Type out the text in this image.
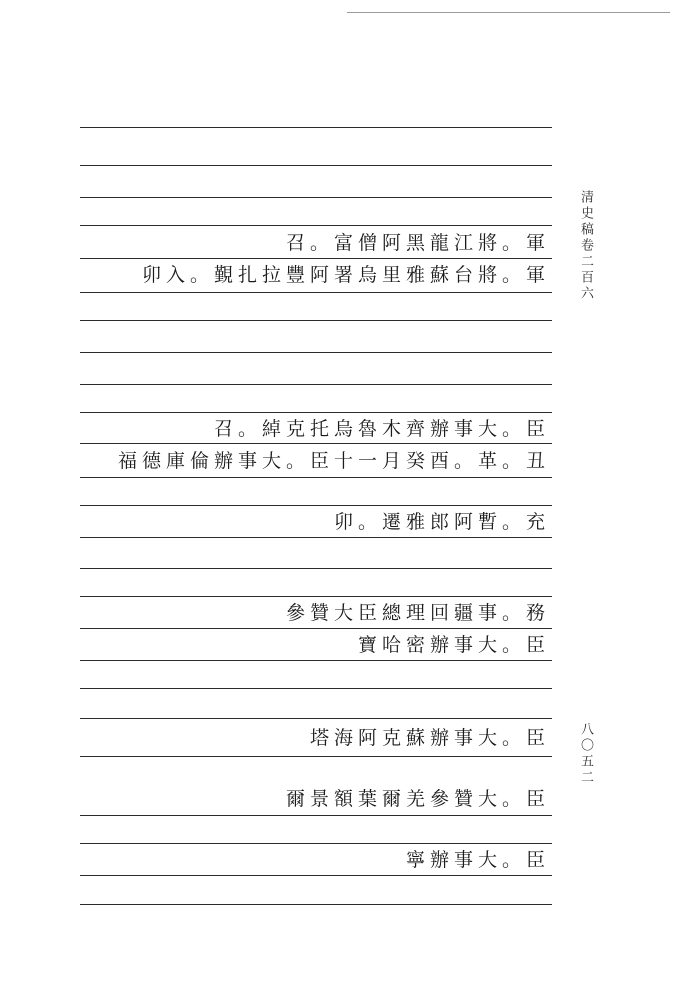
清史稿卷二百六
八〇五二
召。富僧阿黑龍江將。軍
卯入。覲扎拉豐阿署烏里雅蘇台將。軍
召。綽克托烏魯木齊辦事大。臣
福德庫倫辦事大。臣十一月癸酉。革。丑
卯。遷雅郎阿暫。充
參贊大臣總理回疆事。務
寶哈密辦事大。臣
塔海阿克蘇辦事大。臣
爾景額葉爾羌參贊大。臣
寧辦事大。臣
